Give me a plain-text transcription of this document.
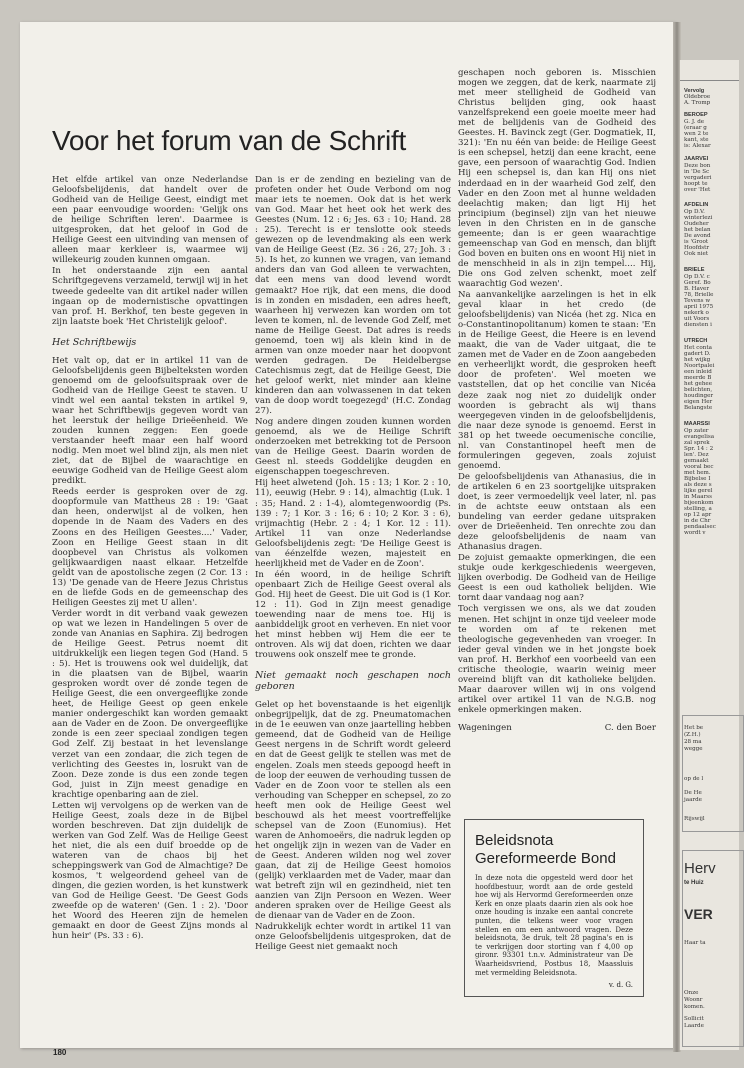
Voor het forum van de Schrift

Het elfde artikel van onze Nederlandse Geloofsbelijdenis, dat handelt over de Godheid van de Heilige Geest, eindigt met een paar eenvoudige woorden: 'Gelijk ons de heilige Schriften leren'. Daarmee is uitgesproken, dat het geloof in God de Heilige Geest een uitvinding van mensen of alleen maar kerkleer is, waarmee wij willekeurig zouden kunnen omgaan.

In het onderstaande zijn een aantal Schriftgegevens verzameld, terwijl wij in het tweede gedeelte van dit artikel nader willen ingaan op de modernistische opvattingen van prof. H. Berkhof, ten beste gegeven in zijn laatste boek 'Het Christelijk geloof'.

Het Schriftbewijs

Het valt op, dat er in artikel 11 van de Geloofsbelijdenis geen Bijbelteksten worden genoemd om de geloofsuitspraak over de Godheid van de Heilige Geest te staven. U vindt wel een aantal teksten in artikel 9, waar het Schriftbewijs gegeven wordt van het leerstuk der heilige Drieëenheid. We zouden kunnen zeggen: Een goede verstaander heeft maar een half woord nodig. Men moet wel blind zijn, als men niet ziet, dat de Bijbel de waarachtige en eeuwige Godheid van de Heilige Geest alom predikt.

Reeds eerder is gesproken over de zg. doopformule van Mattheus 28 : 19: 'Gaat dan heen, onderwijst al de volken, hen dopende in de Naam des Vaders en des Zoons en des Heiligen Geestes....' Vader, Zoon en Heilige Geest staan in dit doopbevel van Christus als volkomen gelijkwaardigen naast elkaar. Hetzelfde geldt van de apostolische zegen (2 Cor. 13 : 13) 'De genade van de Heere Jezus Christus en de liefde Gods en de gemeenschap des Heiligen Geestes zij met U allen'.

Verder wordt in dit verband vaak gewezen op wat we lezen in Handelingen 5 over de zonde van Ananias en Saphira. Zij bedrogen de Heilige Geest. Petrus noemt dit uitdrukkelijk een liegen tegen God (Hand. 5 : 5). Het is trouwens ook wel duidelijk, dat in die plaatsen van de Bijbel, waarin gesproken wordt over dé zonde tegen de Heilige Geest, die een onvergeeflijke zonde heet, de Heilige Geest op geen enkele manier ondergeschikt kan worden gemaakt aan de Vader en de Zoon. De onvergeeflijke zonde is een zeer speciaal zondigen tegen God Zelf. Zij bestaat in het levenslange verzet van een zondaar, die zich tegen de verlichting des Geestes in, losrukt van de Zoon. Deze zonde is dus een zonde tegen God, juist in Zijn meest genadige en krachtige openbaring aan de ziel.

Letten wij vervolgens op de werken van de Heilige Geest, zoals deze in de Bijbel worden beschreven. Dat zijn duidelijk de werken van God Zelf. Was de Heilige Geest het niet, die als een duif broedde op de wateren van de chaos bij het scheppingswerk van God de Almachtige? De kosmos, 't welgeordend geheel van de dingen, die gezien worden, is het kunstwerk van God de Heilige Geest. 'De Geest Gods zweefde op de wateren' (Gen. 1 : 2). 'Door het Woord des Heeren zijn de hemelen gemaakt en door de Geest Zijns monds al hun heir' (Ps. 33 : 6).

Dan is er de zending en bezieling van de profeten onder het Oude Verbond om nog maar iets te noemen. Ook dat is het werk van God. Maar het heet ook het werk des Geestes (Num. 12 : 6; Jes. 63 : 10; Hand. 28 : 25). Terecht is er tenslotte ook steeds gewezen op de levendmaking als een werk van de Heilige Geest (Ez. 36 : 26, 27; Joh. 3 : 5). Is het, zo kunnen we vragen, van iemand anders dan van God alleen te verwachten, dat een mens van dood levend wordt gemaakt? Hoe rijk, dat een mens, die dood is in zonden en misdaden, een adres heeft, waarheen hij verwezen kan worden om tot leven te komen, nl. de levende God Zelf, met name de Heilige Geest. Dat adres is reeds genoemd, toen wij als klein kind in de armen van onze moeder naar het doopvont werden gedragen. De Heidelbergse Catechismus zegt, dat de Heilige Geest, Die het geloof werkt, niet minder aan kleine kinderen dan aan volwassenen in dat teken van de doop wordt toegezegd' (H.C. Zondag 27).

Nog andere dingen zouden kunnen worden genoemd, als we de Heilige Schrift onderzoeken met betrekking tot de Persoon van de Heilige Geest. Daarin worden de Geest nl. steeds Goddelijke deugden en eigenschappen toegeschreven.

Hij heet alwetend (Joh. 15 : 13; 1 Kor. 2 : 10, 11), eeuwig (Hebr. 9 : 14), almachtig (Luk. 1 : 35; Hand. 2 : 1-4), alomtegenwoordig (Ps. 139 : 7; 1 Kor. 3 : 16; 6 : 10; 2 Kor. 3 : 6), vrijmachtig (Hebr. 2 : 4; 1 Kor. 12 : 11). Artikel 11 van onze Nederlandse Geloofsbelijdenis zegt: 'De Heilige Geest is van éénzelfde wezen, majesteit en heerlijkheid met de Vader en de Zoon'.

In één woord, in de heilige Schrift openbaart Zich de Heilige Geest overal als God. Hij heet de Geest. Die uit God is (1 Kor. 12 : 11). God in Zijn meest genadige toewending naar de mens toe. Hij is aanbiddelijk groot en verheven. En niet voor het minst hebben wij Hem die eer te ontroven. Als wij dat doen, richten we daar trouwens ook onszelf mee te gronde.

Niet gemaakt noch geschapen noch geboren

Gelet op het bovenstaande is het eigenlijk onbegrijpelijk, dat de zg. Pneumatomachen in de 1e eeuwen van onze jaartelling hebben gemeend, dat de Godheid van de Heilige Geest nergens in de Schrift wordt geleerd en dat de Geest gelijk te stellen was met de engelen. Zoals men steeds gepoogd heeft in de loop der eeuwen de verhouding tussen de Vader en de Zoon voor te stellen als een verhouding van Schepper en schepsel, zo zo heeft men ook de Heilige Geest wel beschouwd als het meest voortreffelijke schepsel van de Zoon (Eunomius). Het waren de Anhomoeërs, die nadruk legden op het ongelijk zijn in wezen van de Vader en de Geest. Anderen wilden nog wel zover gaan, dat zij de Heilige Geest homoios (gelijk) verklaarden met de Vader, maar dan wat betreft zijn wil en gezindheid, niet ten aanzien van Zijn Persoon en Wezen. Weer anderen spraken over de Heilige Geest als de dienaar van de Vader en de Zoon.

Nadrukkelijk echter wordt in artikel 11 van onze Geloofsbelijdenis uitgesproken, dat de Heilige Geest niet gemaakt noch

geschapen noch geboren is. Misschien mogen we zeggen, dat de kerk, naarmate zij met meer stelligheid de Godheid van Christus belijden ging, ook haast vanzelfsprekend een goeie moeite meer had met de belijdenis van de Godheid des Geestes. H. Bavinck zegt (Ger. Dogmatiek, II, 321): 'En nu één van beide: de Heilige Geest is een schepsel, hetzij dan eene kracht, eene gave, een persoon of waarachtig God. Indien Hij een schepsel is, dan kan Hij ons niet inderdaad en in der waarheid God zelf, den Vader en den Zoon met al hunne weldaden deelachtig maken; dan ligt Hij het principium (beginsel) zijn van het nieuwe leven in den Christen en in de gansche gemeente; dan is er geen waarachtige gemeenschap van God en mensch, dan blijft God boven en buiten ons en woont Hij niet in de menschheid in als in zijn tempel.... Hij, Die ons God zelven schenkt, moet zelf waarachtig God wezen'.

Na aanvankelijke aarzelingen is het in elk geval klaar in het credo (de geloofsbelijdenis) van Nicéa (het zg. Nica en o-Constantinopolitanum) komen te staan: 'En in de Heilige Geest, die Heere is en levend maakt, die van de Vader uitgaat, die te zamen met de Vader en de Zoon aangebeden en verheerlijkt wordt, die gesproken heeft door de profeten'. Wel moeten we vaststellen, dat op het concilie van Nicéa deze zaak nog niet zo duidelijk onder woorden is gebracht als wij thans weergegeven vinden in de geloofsbelijdenis, die naar deze synode is genoemd. Eerst in 381 op het tweede oecumenische concilie, nl. van Constantinopel heeft men de formuleringen gegeven, zoals zojuist genoemd.

De geloofsbelijdenis van Athanasius, die in de artikelen 6 en 23 soortgelijke uitspraken doet, is zeer vermoedelijk veel later, nl. pas in de achtste eeuw ontstaan als een bundeling van eerder gedane uitspraken over de Drieëenheid. Ten onrechte zou dan deze geloofsbelijdenis de naam van Athanasius dragen.

De zojuist gemaakte opmerkingen, die een stukje oude kerkgeschiedenis weergeven, lijken overbodig. De Godheid van de Heilige Geest is een oud katholiek belijden. Wie tornt daar vandaag nog aan?

Toch vergissen we ons, als we dat zouden menen. Het schijnt in onze tijd veeleer mode te worden om af te rekenen met theologische gegevenheden van vroeger. In ieder geval vinden we in het jongste boek van prof. H. Berkhof een voorbeeld van een critische theologie, waarin weinig meer overeind blijft van dit katholieke belijden. Maar daarover willen wij in ons volgend artikel over artikel 11 van de N.G.B. nog enkele opmerkingen maken.

Wageningen	C. den Boer
Beleidsnota
Gereformeerde Bond
In deze nota die opgesteld werd door het hoofdbestuur, wordt aan de orde gesteld hoe wij als Hervormd Gereformeerden onze Kerk en onze plaats daarin zien als ook hoe onze houding is inzake een aantal concrete punten, die telkens weer voor vragen stellen en om een antwoord vragen. Deze beleidsnota, 3e druk, telt 28 pagina's en is te verkrijgen door storting van f 4,00 op gironr. 93301 t.n.v. Administrateur van De Waarheidsvriend, Postbus 18, Maassluis met vermelding Beleidsnota.
v. d. G.
180
Vervolg
Oldebroe
A. Tromp
BEROEP
G. J. de
(eraar g
wen 2 te
kant, ste
is: Alexar
JAARVEI
Deze bon
in 'De Sc
vergaderi
hoopt te
over 'Het
AFDELIN
Op D.V.
winterlezi
Oudeher
het belan
De avond
is 'Groot
Hoofdstr
Ook niet
BRIELE
Op D.V. c
Geref. Bo
B. Haver
78, Brielle
Tevens w
april 1975
nekerk o
uit Voors
diensten i
UTRECH
Het conta
gadert D.
het wijkg
Noortpalei
een inleid
meerde B
het gehee
belichten,
houdinger
eigen Her
Belangste
MAARSSI
Op zater
evangelisa
zal sprek
Spr. 14 : 2
len'. Dez
gemaakt
vooral bec
met hem.
Bijbelse I
als deze s
lijke gerel
in Maarss
bijeenkom
stelling, a
op 12 apr
in de Chr
pendaalsec
wordt v
Het be
(Z.H.)
28 ma
wegge
op de l
De He
jaarde
Rijswijl
Herv
te Huiz
VER
Haar ta
Onze
Woonr
komen.
Sollicit
Laarde
